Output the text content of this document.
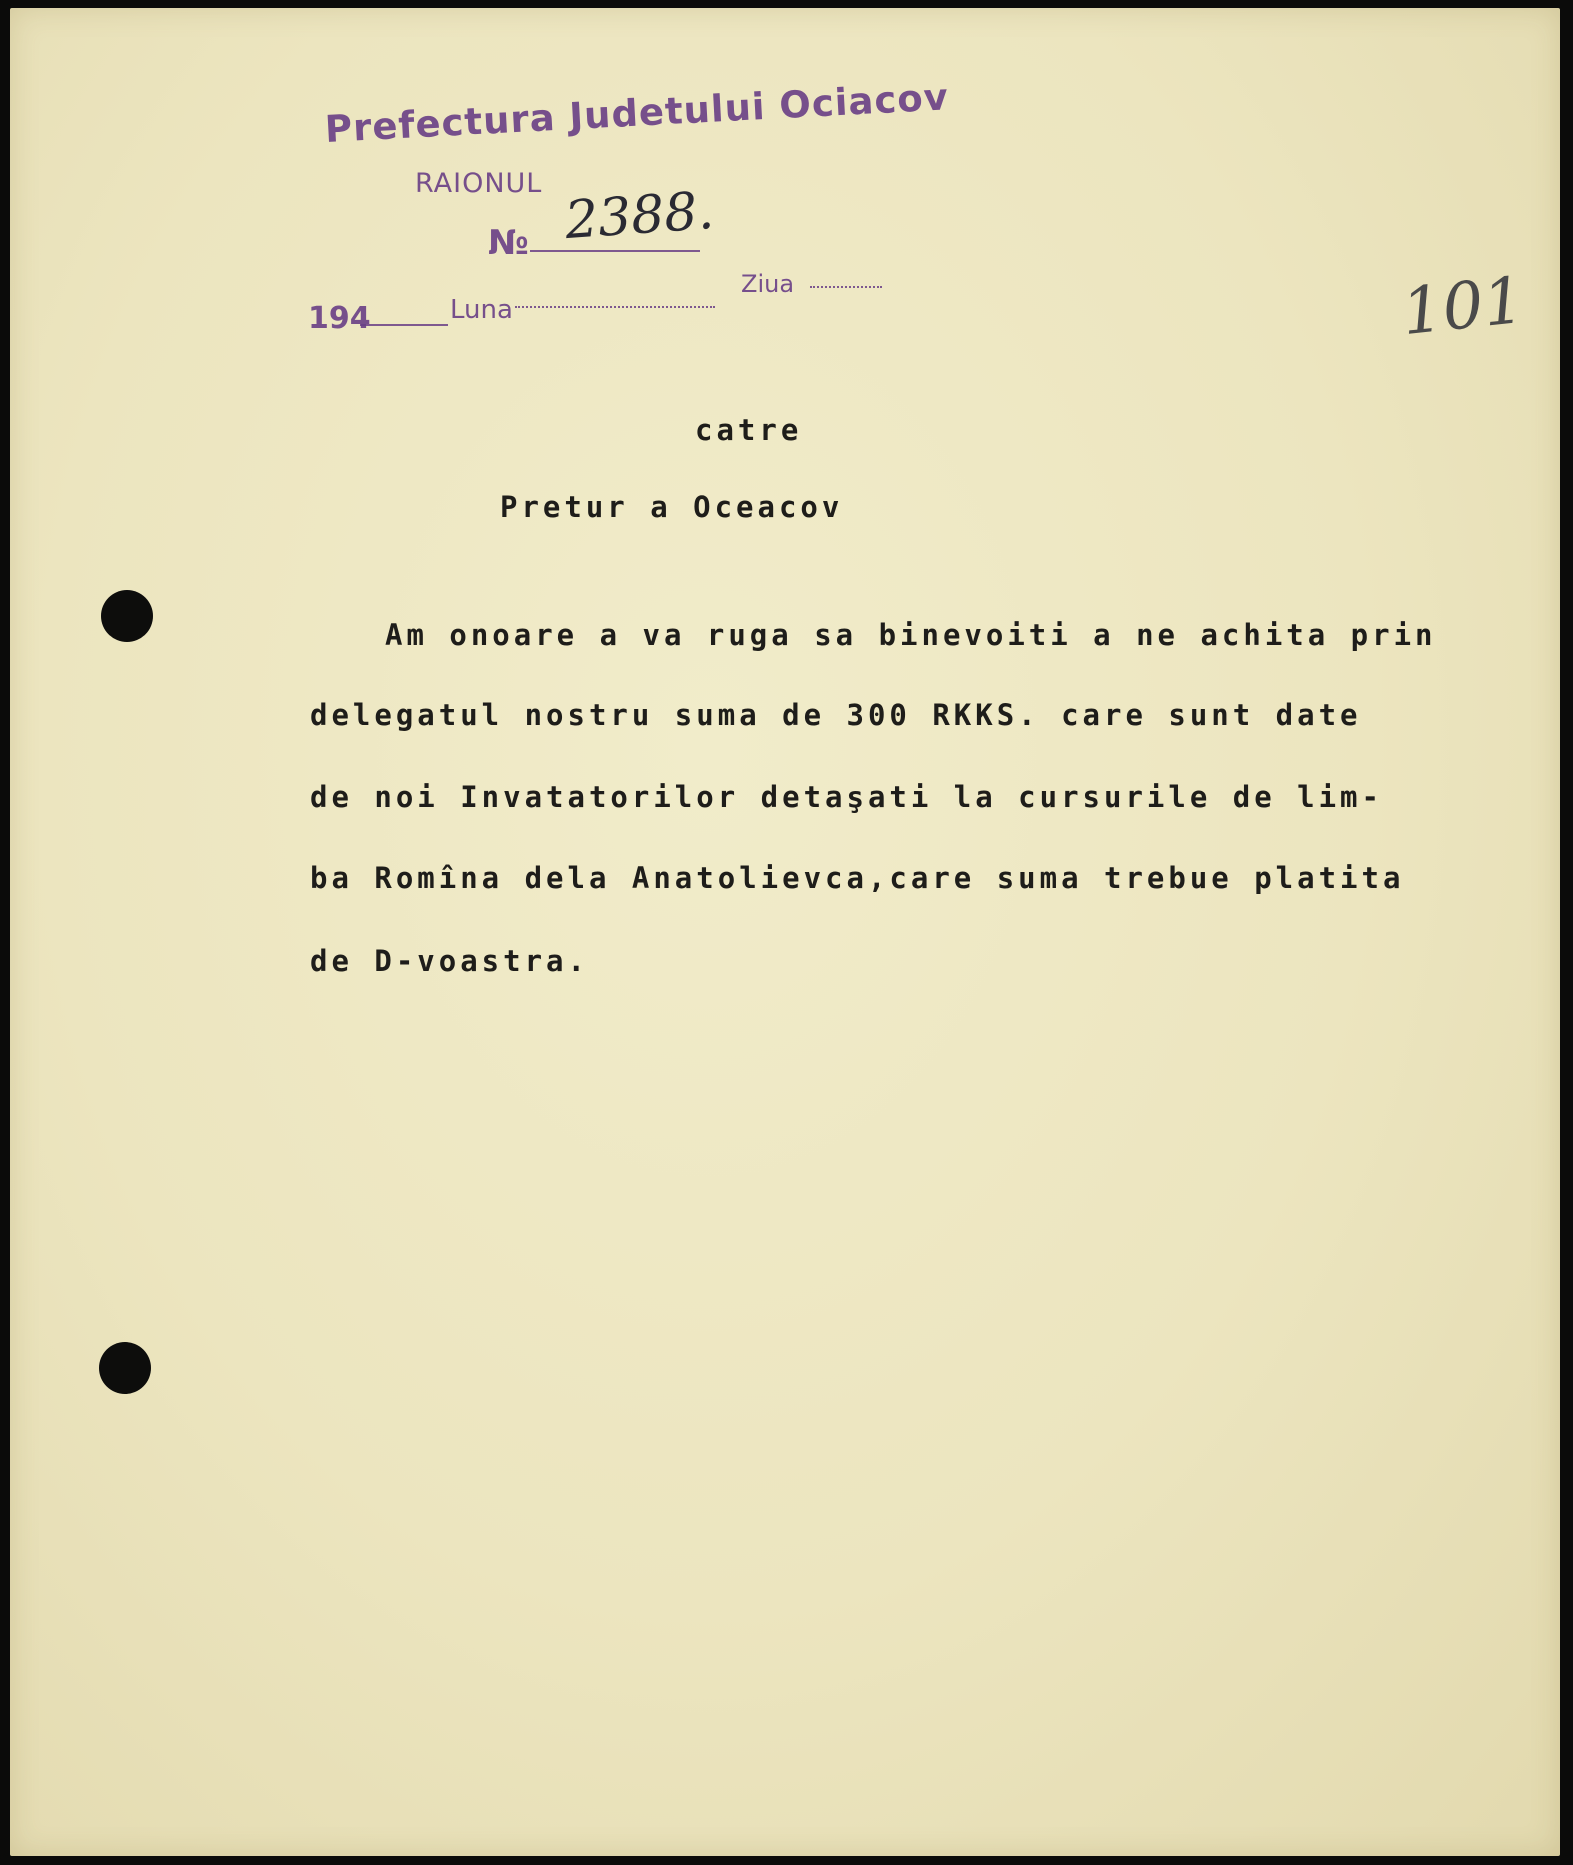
Prefectura Judetului Ociacov
RAIONUL
№ 2388.
194	Luna
Ziua	101
catre
Pretur a Oceacov
Am onoare a va ruga sa binevoiti a ne achita prin
delegatul nostru suma de 300 RKKS. care sunt date
de noi Invatatorilor detaşati la cursurile de lim-
ba Romîna dela Anatolievca,care suma trebue platita
de D-voastra.
